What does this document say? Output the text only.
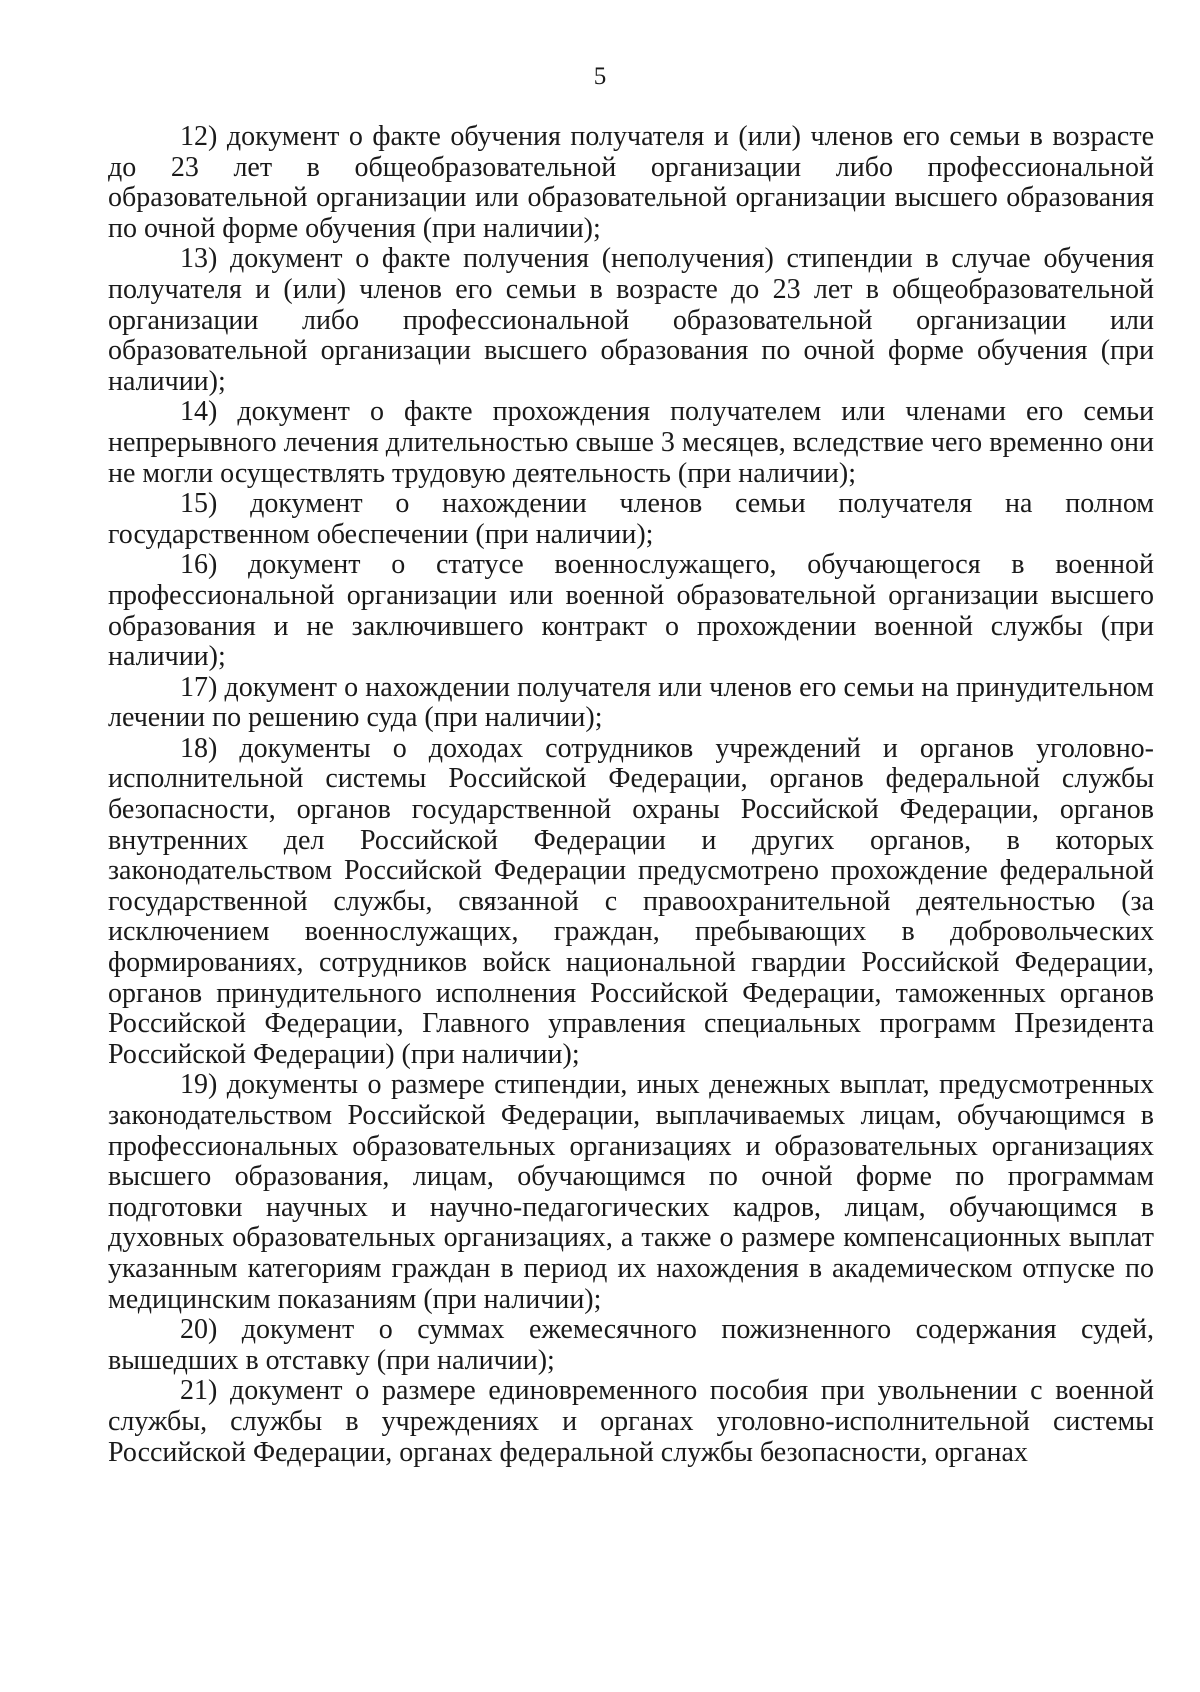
5

12) документ о факте обучения получателя и (или) членов его семьи в возрасте до 23 лет в общеобразовательной организации либо профессиональной образовательной организации или образовательной организации высшего образования по очной форме обучения (при наличии);

13) документ о факте получения (неполучения) стипендии в случае обучения получателя и (или) членов его семьи в возрасте до 23 лет в общеобразовательной организации либо профессиональной образовательной организации или образовательной организации высшего образования по очной форме обучения (при наличии);

14) документ о факте прохождения получателем или членами его семьи непрерывного лечения длительностью свыше 3 месяцев, вследствие чего временно они не могли осуществлять трудовую деятельность (при наличии);

15) документ о нахождении членов семьи получателя на полном государственном обеспечении (при наличии);

16) документ о статусе военнослужащего, обучающегося в военной профессиональной организации или военной образовательной организации высшего образования и не заключившего контракт о прохождении военной службы (при наличии);

17) документ о нахождении получателя или членов его семьи на принудительном лечении по решению суда (при наличии);

18) документы о доходах сотрудников учреждений и органов уголовно-исполнительной системы Российской Федерации, органов федеральной службы безопасности, органов государственной охраны Российской Федерации, органов внутренних дел Российской Федерации и других органов, в которых законодательством Российской Федерации предусмотрено прохождение федеральной государственной службы, связанной с правоохранительной деятельностью (за исключением военнослужащих, граждан, пребывающих в добровольческих формированиях, сотрудников войск национальной гвардии Российской Федерации, органов принудительного исполнения Российской Федерации, таможенных органов Российской Федерации, Главного управления специальных программ Президента Российской Федерации) (при наличии);

19) документы о размере стипендии, иных денежных выплат, предусмотренных законодательством Российской Федерации, выплачиваемых лицам, обучающимся в профессиональных образовательных организациях и образовательных организациях высшего образования, лицам, обучающимся по очной форме по программам подготовки научных и научно-педагогических кадров, лицам, обучающимся в духовных образовательных организациях, а также о размере компенсационных выплат указанным категориям граждан в период их нахождения в академическом отпуске по медицинским показаниям (при наличии);

20) документ о суммах ежемесячного пожизненного содержания судей, вышедших в отставку (при наличии);

21) документ о размере единовременного пособия при увольнении с военной службы, службы в учреждениях и органах уголовно-исполнительной системы Российской Федерации, органах федеральной службы безопасности, органах
